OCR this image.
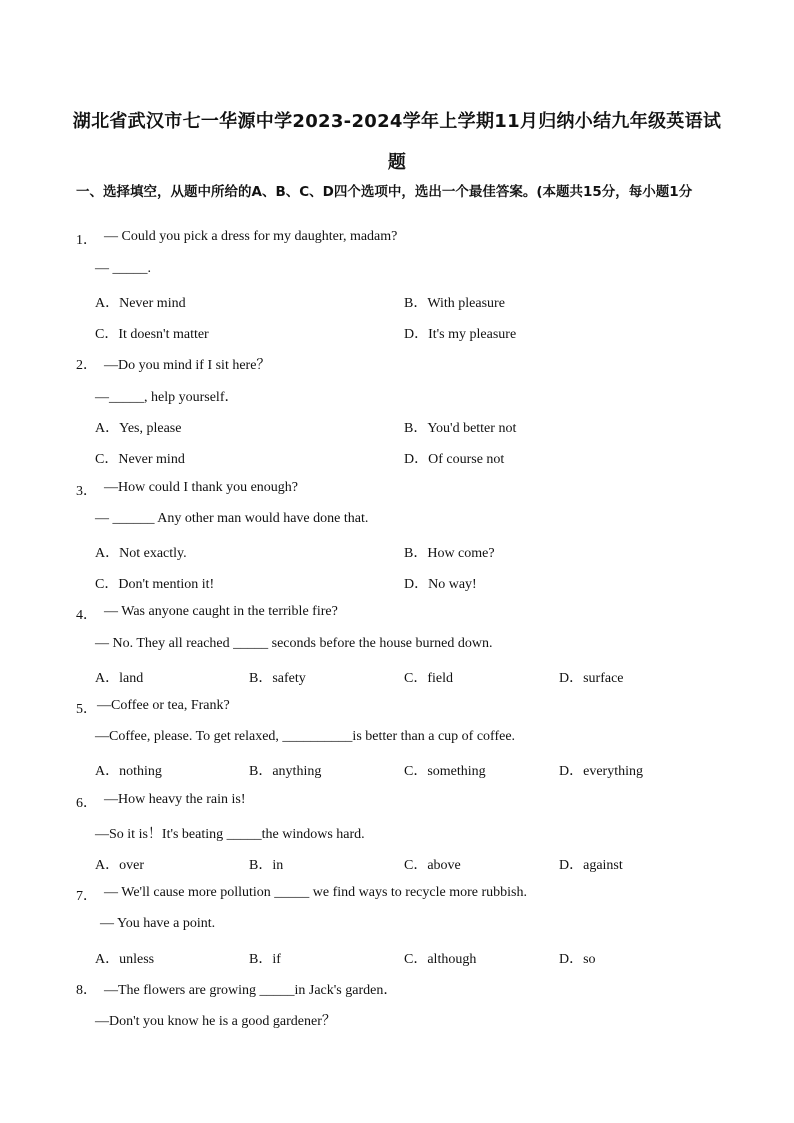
湖北省武汉市七一华源中学2023-2024学年上学期11月归纳小结九年级英语试
题
一、选择填空，从题中所给的A、B、C、D四个选项中，选出一个最佳答案。(本题共15分，每小题1分
1． — Could you pick a dress for my daughter, madam?
— _____.
A．Never mind	B．With pleasure
C．It doesn't matter	D．It's my pleasure
2． —Do you mind if I sit here？
—_____, help yourself．
A．Yes, please	B．You'd better not
C．Never mind	D．Of course not
3． —How could I thank you enough?
— ______ Any other man would have done that.
A．Not exactly.	B．How come?
C．Don't mention it!	D．No way!
4． — Was anyone caught in the terrible fire?
— No. They all reached _____ seconds before the house burned down.
A．land	B．safety	C．field	D．surface
5． —Coffee or tea, Frank?
—Coffee, please. To get relaxed, __________is better than a cup of coffee.
A．nothing	B．anything	C．something	D．everything
6． —How heavy the rain is!
—So it is！It's beating _____the windows hard.
A．over	B．in	C．above	D．against
7． — We'll cause more pollution _____ we find ways to recycle more rubbish.
— You have a point.
A．unless	B．if	C．although	D．so
8． —The flowers are growing _____in Jack's garden．
—Don't you know he is a good gardener？
